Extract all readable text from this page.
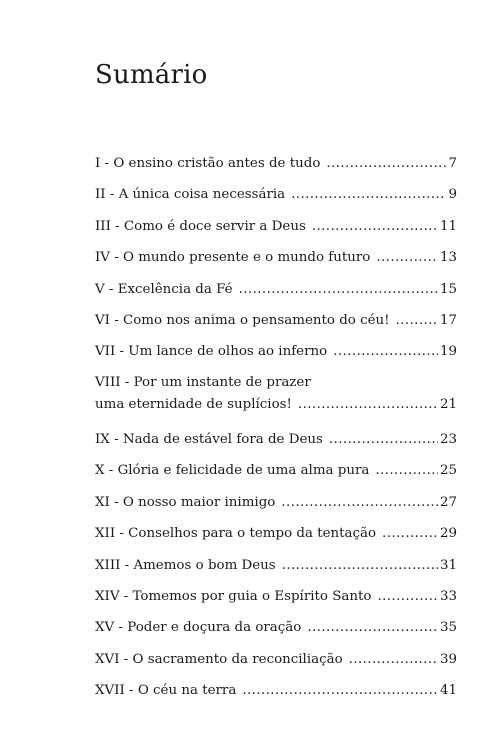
Sumário
I - O ensino cristão antes de tudo .....	7
II - A única coisa necessária .....	9
III - Como é doce servir a Deus .....	11
IV - O mundo presente e o mundo futuro .....	13
V - Excelência da Fé .....	15
VI - Como nos anima o pensamento do céu! .....	17
VII - Um lance de olhos ao inferno .....	19
VIII - Por um instante de prazer
uma eternidade de suplícios! .....	21
IX - Nada de estável fora de Deus .....	23
X - Glória e felicidade de uma alma pura .....	25
XI - O nosso maior inimigo .....	27
XII - Conselhos para o tempo da tentação .....	29
XIII - Amemos o bom Deus .....	31
XIV - Tomemos por guia o Espírito Santo .....	33
XV - Poder e doçura da oração .....	35
XVI - O sacramento da reconciliação .....	39
XVII - O céu na terra .....	41
